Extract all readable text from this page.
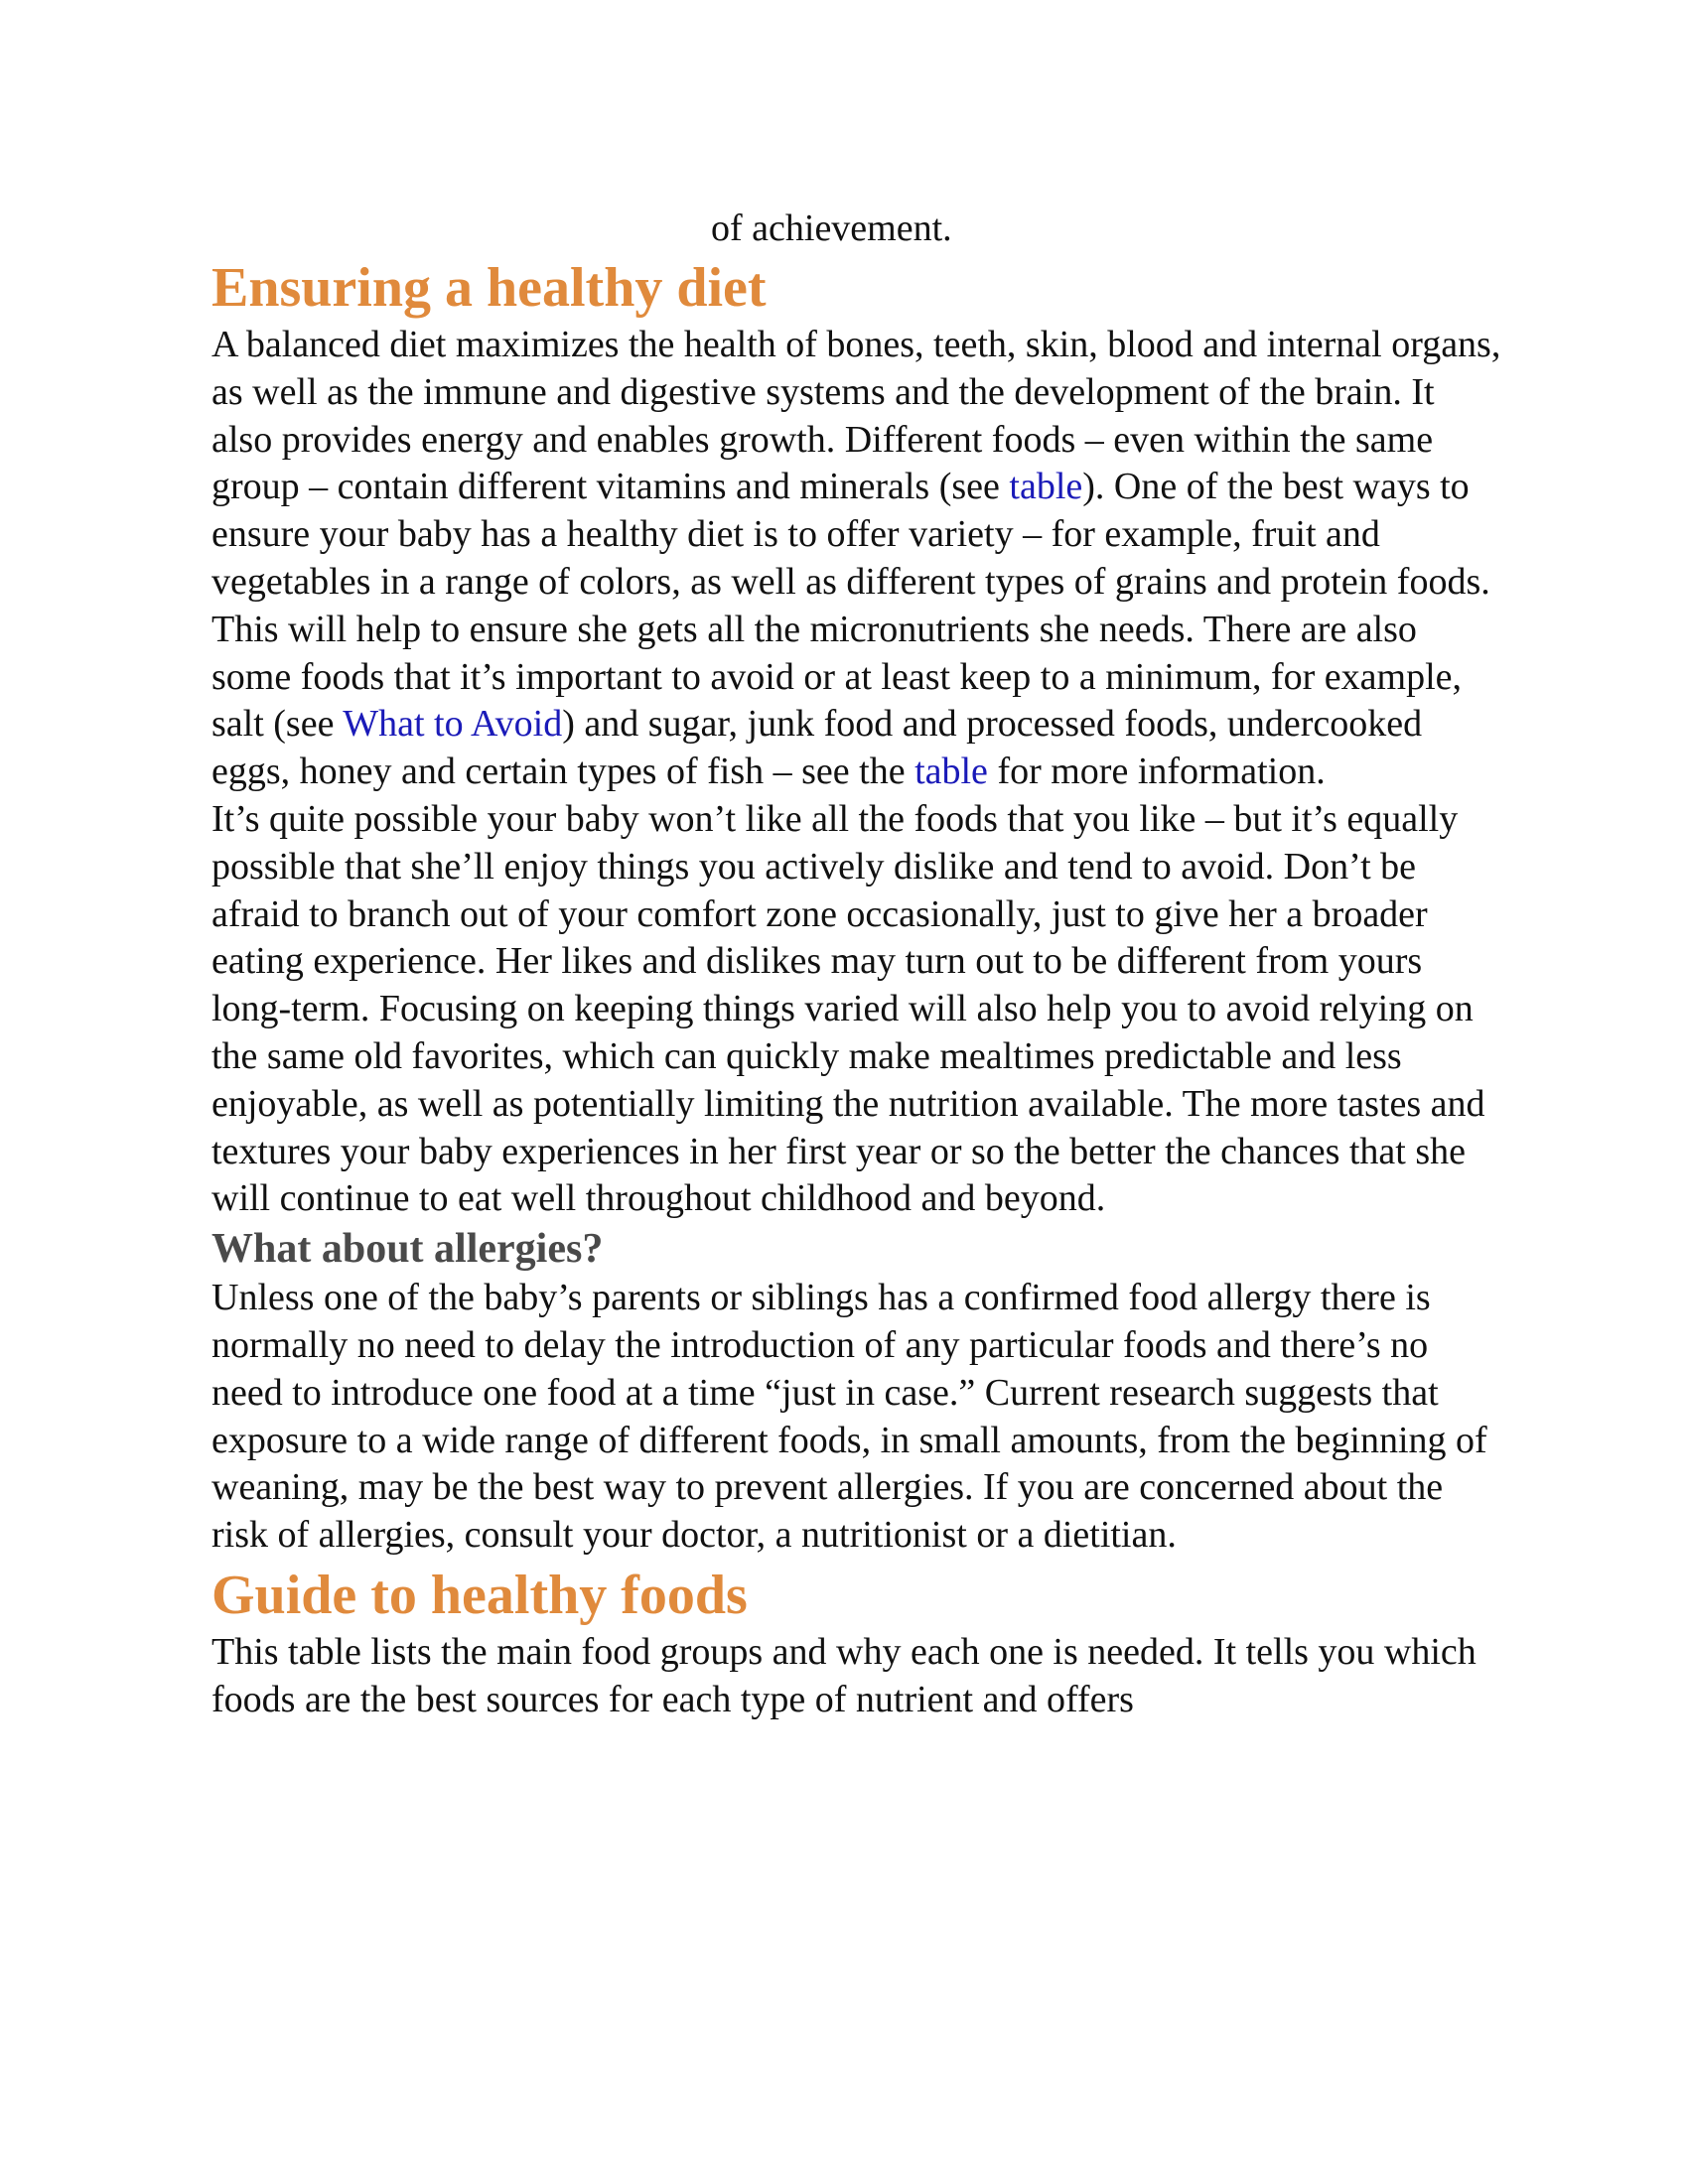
of achievement.

Ensuring a healthy diet

A balanced diet maximizes the health of bones, teeth, skin, blood and internal organs, as well as the immune and digestive systems and the development of the brain. It also provides energy and enables growth. Different foods – even within the same group – contain different vitamins and minerals (see table). One of the best ways to ensure your baby has a healthy diet is to offer variety – for example, fruit and vegetables in a range of colors, as well as different types of grains and protein foods. This will help to ensure she gets all the micronutrients she needs. There are also some foods that it’s important to avoid or at least keep to a minimum, for example, salt (see What to Avoid) and sugar, junk food and processed foods, undercooked eggs, honey and certain types of fish – see the table for more information.

It’s quite possible your baby won’t like all the foods that you like – but it’s equally possible that she’ll enjoy things you actively dislike and tend to avoid. Don’t be afraid to branch out of your comfort zone occasionally, just to give her a broader eating experience. Her likes and dislikes may turn out to be different from yours long-term. Focusing on keeping things varied will also help you to avoid relying on the same old favorites, which can quickly make mealtimes predictable and less enjoyable, as well as potentially limiting the nutrition available. The more tastes and textures your baby experiences in her first year or so the better the chances that she will continue to eat well throughout childhood and beyond.

What about allergies?

Unless one of the baby’s parents or siblings has a confirmed food allergy there is normally no need to delay the introduction of any particular foods and there’s no need to introduce one food at a time “just in case.” Current research suggests that exposure to a wide range of different foods, in small amounts, from the beginning of weaning, may be the best way to prevent allergies. If you are concerned about the risk of allergies, consult your doctor, a nutritionist or a dietitian.

Guide to healthy foods

This table lists the main food groups and why each one is needed. It tells you which foods are the best sources for each type of nutrient and offers
